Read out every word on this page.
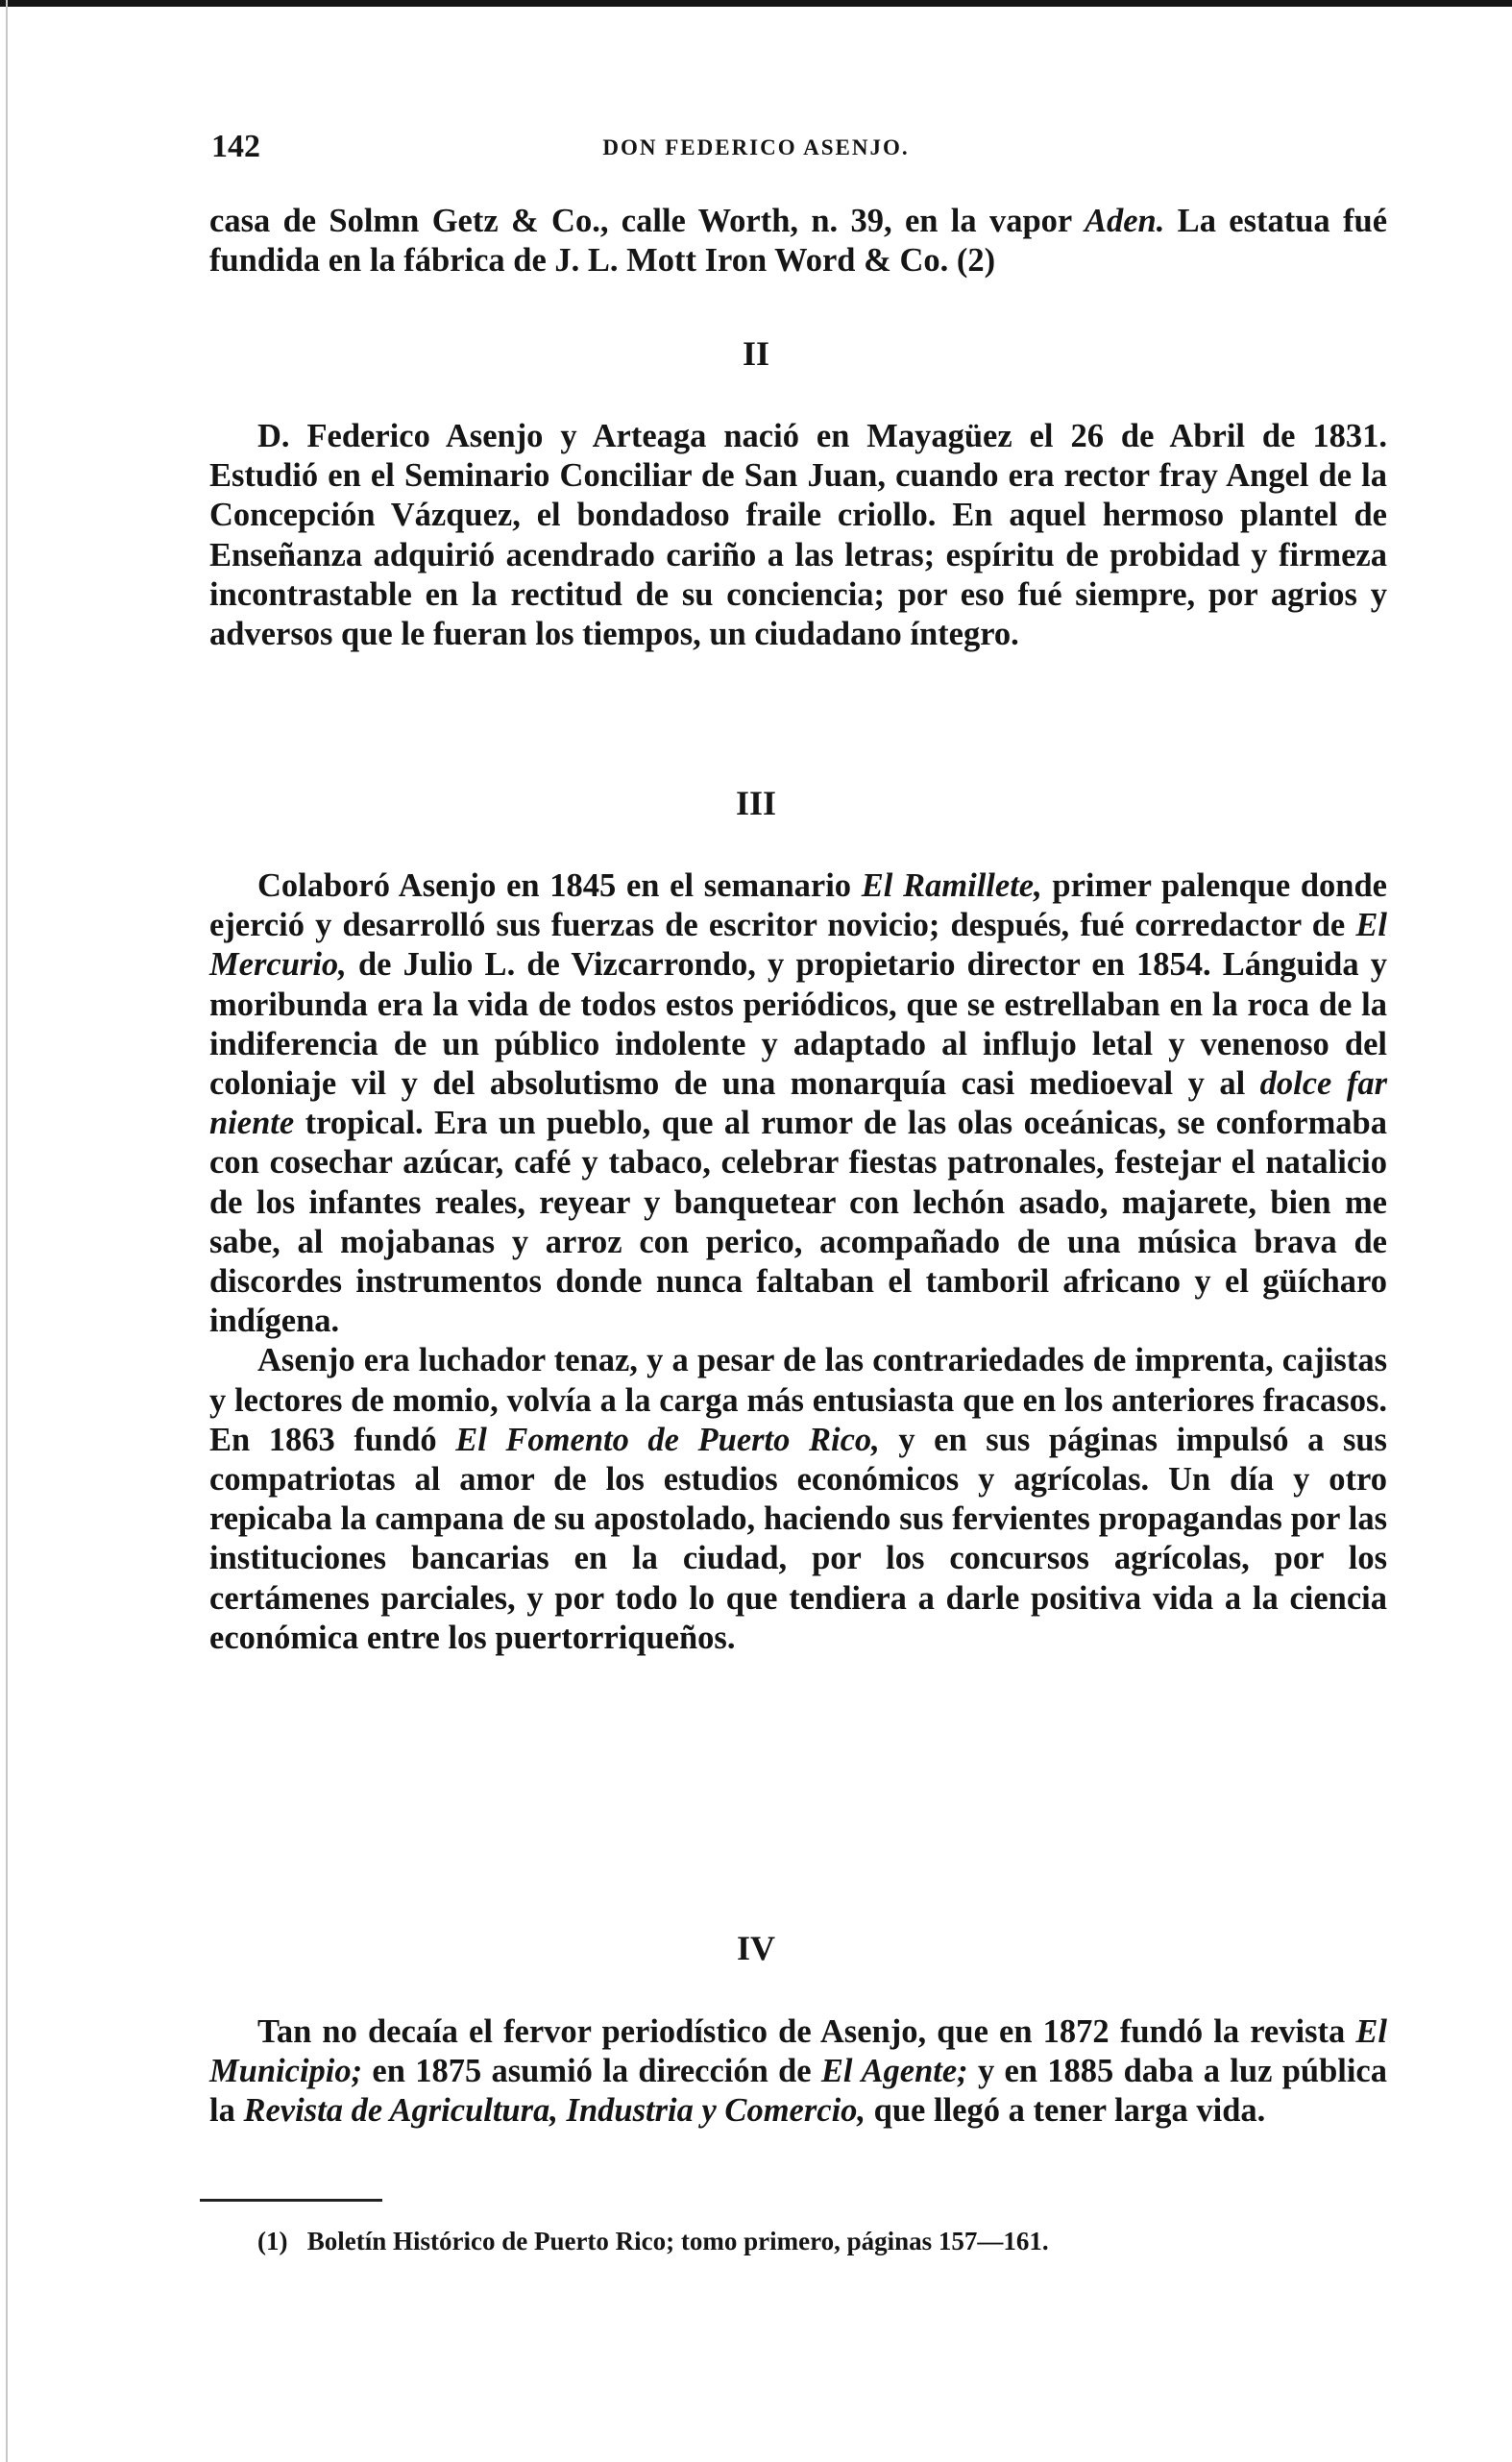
142	DON FEDERICO ASENJO.

casa de Solmn Getz & Co., calle Worth, n. 39, en la vapor Aden. La estatua fué fundida en la fábrica de J. L. Mott Iron Word & Co. (2)

II

D. Federico Asenjo y Arteaga nació en Mayagüez el 26 de Abril de 1831. Estudió en el Seminario Conciliar de San Juan, cuando era rector fray Angel de la Concepción Vázquez, el bondadoso fraile criollo. En aquel hermoso plantel de Enseñanza adquirió acendrado cariño a las letras; espíritu de probidad y firmeza incontrastable en la rectitud de su conciencia; por eso fué siempre, por agrios y adversos que le fueran los tiempos, un ciudadano íntegro.

III

Colaboró Asenjo en 1845 en el semanario El Ramillete, primer palenque donde ejerció y desarrolló sus fuerzas de escritor novicio; después, fué corredactor de El Mercurio, de Julio L. de Vizcarrondo, y propietario director en 1854. Lánguida y moribunda era la vida de todos estos periódicos, que se estrellaban en la roca de la indiferencia de un público indolente y adaptado al influjo letal y venenoso del coloniaje vil y del absolutismo de una monarquía casi medioeval y al dolce far niente tropical. Era un pueblo, que al rumor de las olas oceánicas, se conformaba con cosechar azúcar, café y tabaco, celebrar fiestas patronales, festejar el natalicio de los infantes reales, reyear y banquetear con lechón asado, majarete, bien me sabe, al mojabanas y arroz con perico, acompañado de una música brava de discordes instrumentos donde nunca faltaban el tamboril africano y el güícharo indígena.

Asenjo era luchador tenaz, y a pesar de las contrariedades de imprenta, cajistas y lectores de momio, volvía a la carga más entusiasta que en los anteriores fracasos. En 1863 fundó El Fomento de Puerto Rico, y en sus páginas impulsó a sus compatriotas al amor de los estudios económicos y agrícolas. Un día y otro repicaba la campana de su apostolado, haciendo sus fervientes propagandas por las instituciones bancarias en la ciudad, por los concursos agrícolas, por los certámenes parciales, y por todo lo que tendiera a darle positiva vida a la ciencia económica entre los puertorriqueños.

IV

Tan no decaía el fervor periodístico de Asenjo, que en 1872 fundó la revista El Municipio; en 1875 asumió la dirección de El Agente; y en 1885 daba a luz pública la Revista de Agricultura, Industria y Comercio, que llegó a tener larga vida.

(1) Boletín Histórico de Puerto Rico; tomo primero, páginas 157—161.
